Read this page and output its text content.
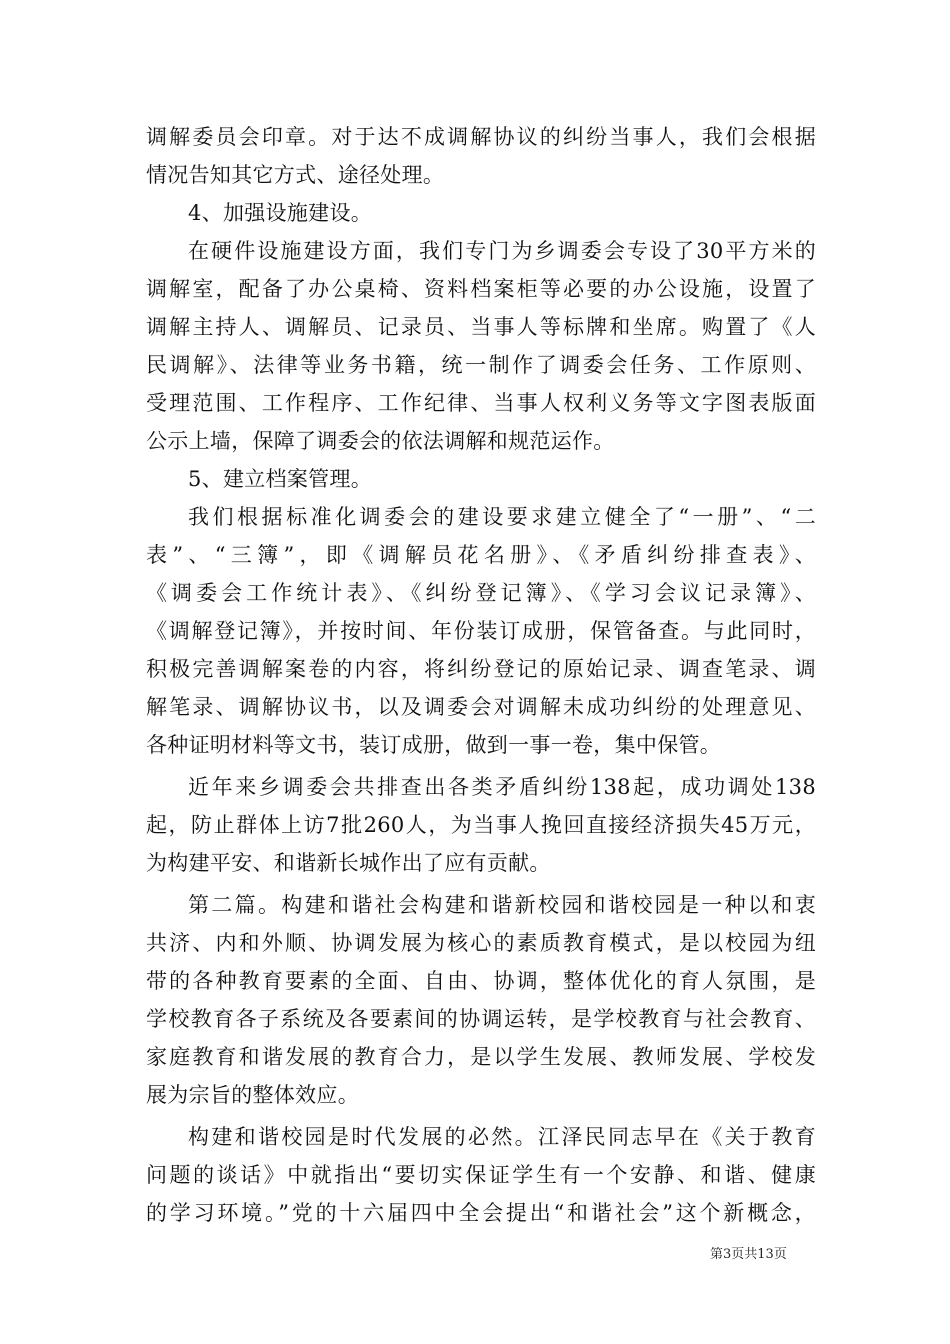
调解委员会印章。对于达不成调解协议的纠纷当事人，我们会根据
情况告知其它方式、途径处理。
4、加强设施建设。
在硬件设施建设方面，我们专门为乡调委会专设了30平方米的
调解室，配备了办公桌椅、资料档案柜等必要的办公设施，设置了
调解主持人、调解员、记录员、当事人等标牌和坐席。购置了《人
民调解》、法律等业务书籍，统一制作了调委会任务、工作原则、
受理范围、工作程序、工作纪律、当事人权利义务等文字图表版面
公示上墙，保障了调委会的依法调解和规范运作。
5、建立档案管理。
我们根据标准化调委会的建设要求建立健全了“一册”、“二
表”、“三簿”，即《调解员花名册》、《矛盾纠纷排查表》、
《调委会工作统计表》、《纠纷登记簿》、《学习会议记录簿》、
《调解登记簿》，并按时间、年份装订成册，保管备查。与此同时，
积极完善调解案卷的内容，将纠纷登记的原始记录、调查笔录、调
解笔录、调解协议书，以及调委会对调解未成功纠纷的处理意见、
各种证明材料等文书，装订成册，做到一事一卷，集中保管。
近年来乡调委会共排查出各类矛盾纠纷138起，成功调处138
起，防止群体上访7批260人，为当事人挽回直接经济损失45万元，
为构建平安、和谐新长城作出了应有贡献。
第二篇。构建和谐社会构建和谐新校园和谐校园是一种以和衷
共济、内和外顺、协调发展为核心的素质教育模式，是以校园为纽
带的各种教育要素的全面、自由、协调，整体优化的育人氛围，是
学校教育各子系统及各要素间的协调运转，是学校教育与社会教育、
家庭教育和谐发展的教育合力，是以学生发展、教师发展、学校发
展为宗旨的整体效应。
构建和谐校园是时代发展的必然。江泽民同志早在《关于教育
问题的谈话》中就指出“要切实保证学生有一个安静、和谐、健康
的学习环境。”党的十六届四中全会提出“和谐社会”这个新概念，
第3页共13页
